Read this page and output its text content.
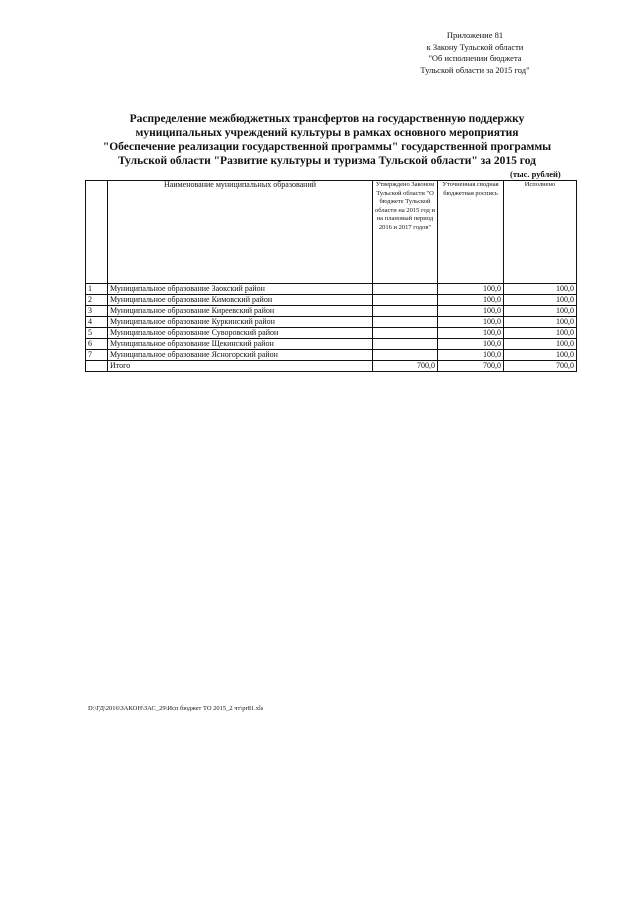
Приложение 81
к Закону Тульской области
"Об исполнении бюджета
Тульской области за 2015 год"
Распределение межбюджетных трансфертов на государственную поддержку
муниципальных учреждений культуры в рамках основного мероприятия
"Обеспечение реализации государственной программы" государственной программы
Тульской области "Развитие культуры и туризма Тульской области" за 2015 год
(тыс. рублей)
	Наименование муниципальных образований	Утверждено Законом Тульской области "О бюджете Тульской области на 2015 год и на плановый период 2016 и 2017 годов"	Уточненная сводная бюджетная роспись	Исполнено
1	Муниципальное образование Заокский район		100,0	100,0
2	Муниципальное образование Кимовский район		100,0	100,0
3	Муниципальное образование Киреевский район		100,0	100,0
4	Муниципальное образование Куркинский район		100,0	100,0
5	Муниципальное образование Суворовский район		100,0	100,0
6	Муниципальное образование Щекинский район		100,0	100,0
7	Муниципальное образование Ясногорский район		100,0	100,0
	Итого	700,0	700,0	700,0
D:\ГД\2016\ЗАКОН\ЗАС_29\Исп бюджет ТО 2015_2 чт\pr81.xls
